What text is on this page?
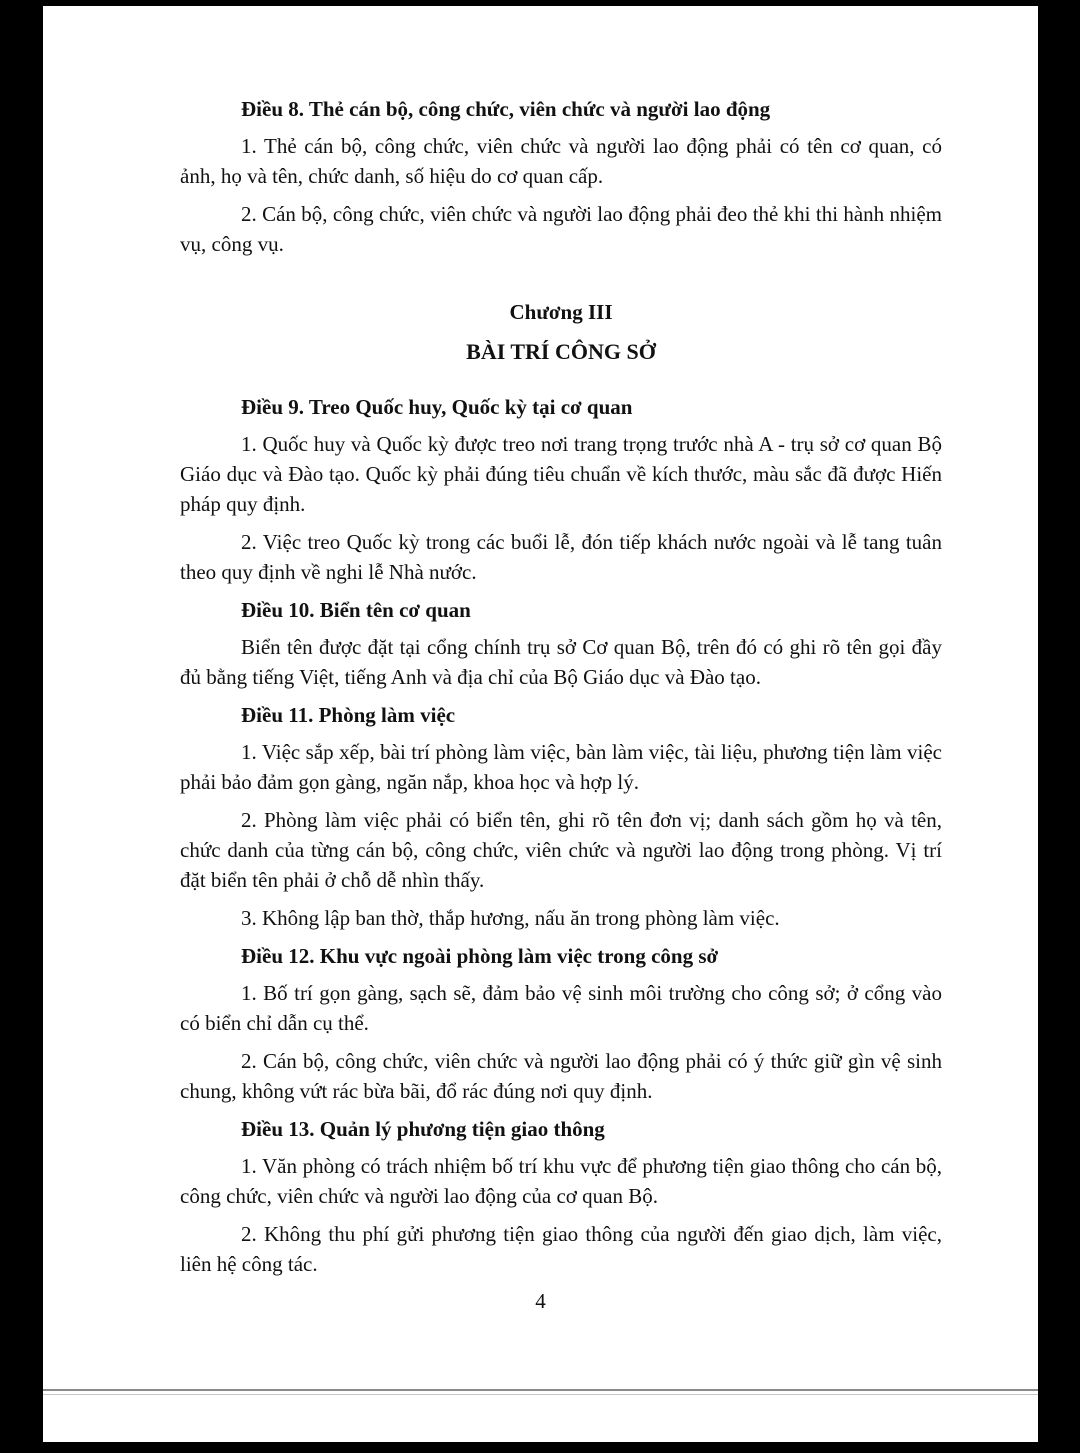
Điều 8. Thẻ cán bộ, công chức, viên chức và người lao động
1. Thẻ cán bộ, công chức, viên chức và người lao động phải có tên cơ quan, có ảnh, họ và tên, chức danh, số hiệu do cơ quan cấp.
2. Cán bộ, công chức, viên chức và người lao động phải đeo thẻ khi thi hành nhiệm vụ, công vụ.
Chương III
BÀI TRÍ CÔNG SỞ
Điều 9. Treo Quốc huy, Quốc kỳ tại cơ quan
1. Quốc huy và Quốc kỳ được treo nơi trang trọng trước nhà A - trụ sở cơ quan Bộ Giáo dục và Đào tạo. Quốc kỳ phải đúng tiêu chuẩn về kích thước, màu sắc đã được Hiến pháp quy định.
2. Việc treo Quốc kỳ trong các buổi lễ, đón tiếp khách nước ngoài và lễ tang tuân theo quy định về nghi lễ Nhà nước.
Điều 10. Biển tên cơ quan
Biển tên được đặt tại cổng chính trụ sở Cơ quan Bộ, trên đó có ghi rõ tên gọi đầy đủ bằng tiếng Việt, tiếng Anh và địa chỉ của Bộ Giáo dục và Đào tạo.
Điều 11. Phòng làm việc
1. Việc sắp xếp, bài trí phòng làm việc, bàn làm việc, tài liệu, phương tiện làm việc phải bảo đảm gọn gàng, ngăn nắp, khoa học và hợp lý.
2. Phòng làm việc phải có biển tên, ghi rõ tên đơn vị; danh sách gồm họ và tên, chức danh của từng cán bộ, công chức, viên chức và người lao động trong phòng. Vị trí đặt biển tên phải ở chỗ dễ nhìn thấy.
3. Không lập ban thờ, thắp hương, nấu ăn trong phòng làm việc.
Điều 12. Khu vực ngoài phòng làm việc trong công sở
1. Bố trí gọn gàng, sạch sẽ, đảm bảo vệ sinh môi trường cho công sở; ở cổng vào có biển chỉ dẫn cụ thể.
2. Cán bộ, công chức, viên chức và người lao động phải có ý thức giữ gìn vệ sinh chung, không vứt rác bừa bãi, đổ rác đúng nơi quy định.
Điều 13. Quản lý phương tiện giao thông
1. Văn phòng có trách nhiệm bố trí khu vực để phương tiện giao thông cho cán bộ, công chức, viên chức và người lao động của cơ quan Bộ.
2. Không thu phí gửi phương tiện giao thông của người đến giao dịch, làm việc, liên hệ công tác.
4
